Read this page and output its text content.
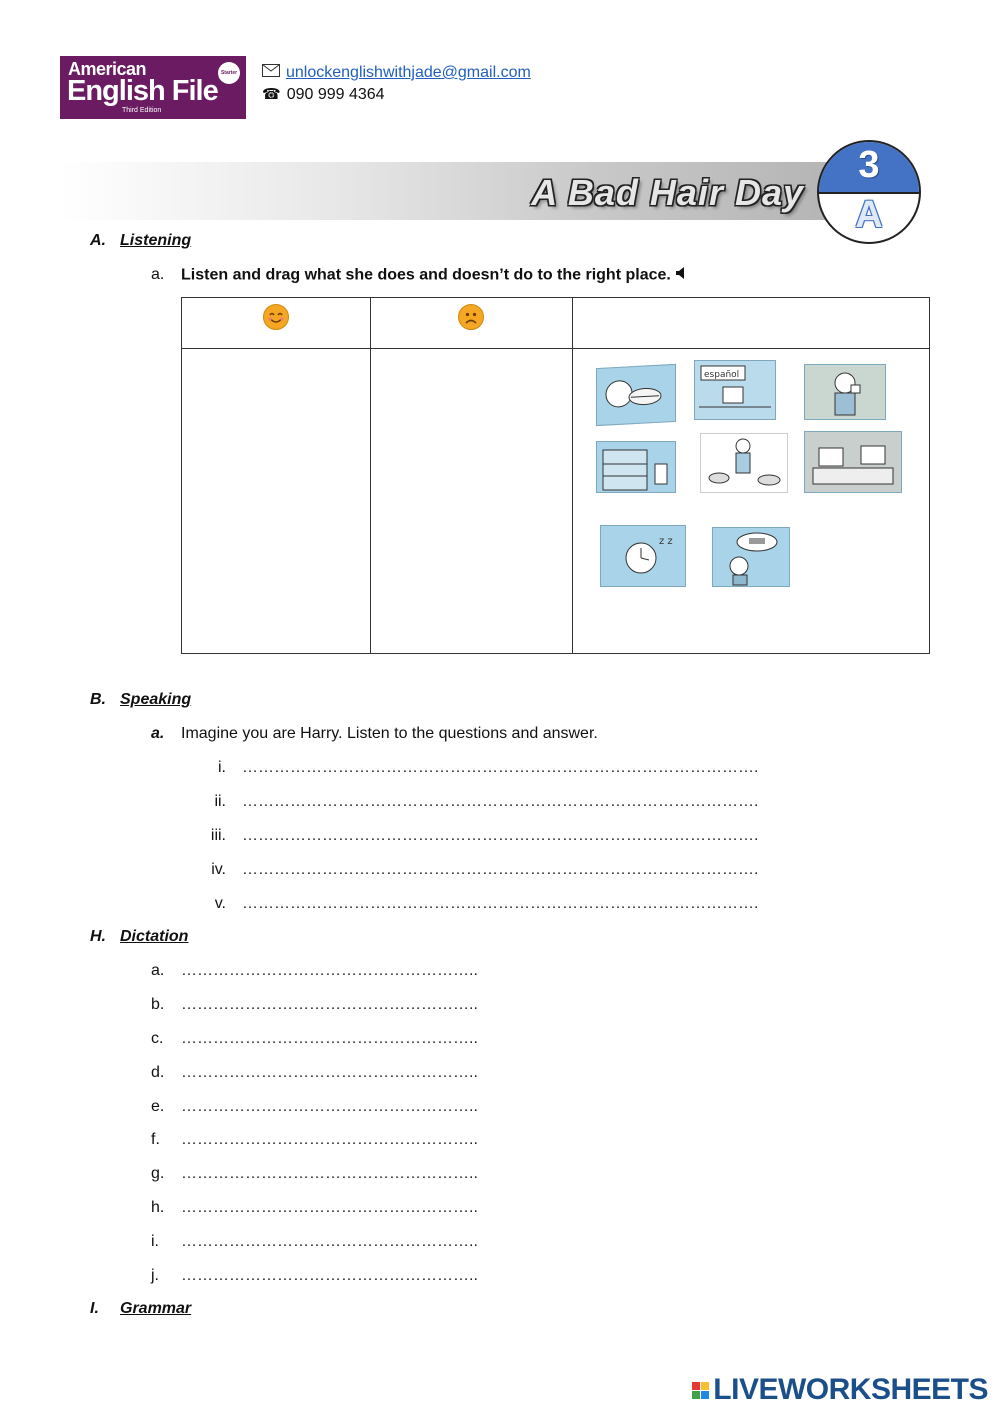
American
English File
Third Edition
Starter	unlockenglishwithjade@gmail.com
☎ 090 999 4364
A Bad Hair Day
3
A
A. Listening
a. Listen and drag what she does and doesn’t do to the right place.
español
z z
B. Speaking
a. Imagine you are Harry. Listen to the questions and answer.
i. …………………………………………………………………………………….
ii. …………………………………………………………………………………….
iii. …………………………………………………………………………………….
iv. …………………………………………………………………………………….
v. …………………………………………………………………………………….
H. Dictation
a.	………………………………………………..
b.	………………………………………………..
c.	………………………………………………..
d.	………………………………………………..
e.	………………………………………………..
f.	………………………………………………..
g.	………………………………………………..
h.	………………………………………………..
i.	………………………………………………..
j.	………………………………………………..
I. Grammar
LIVEWORKSHEETS
